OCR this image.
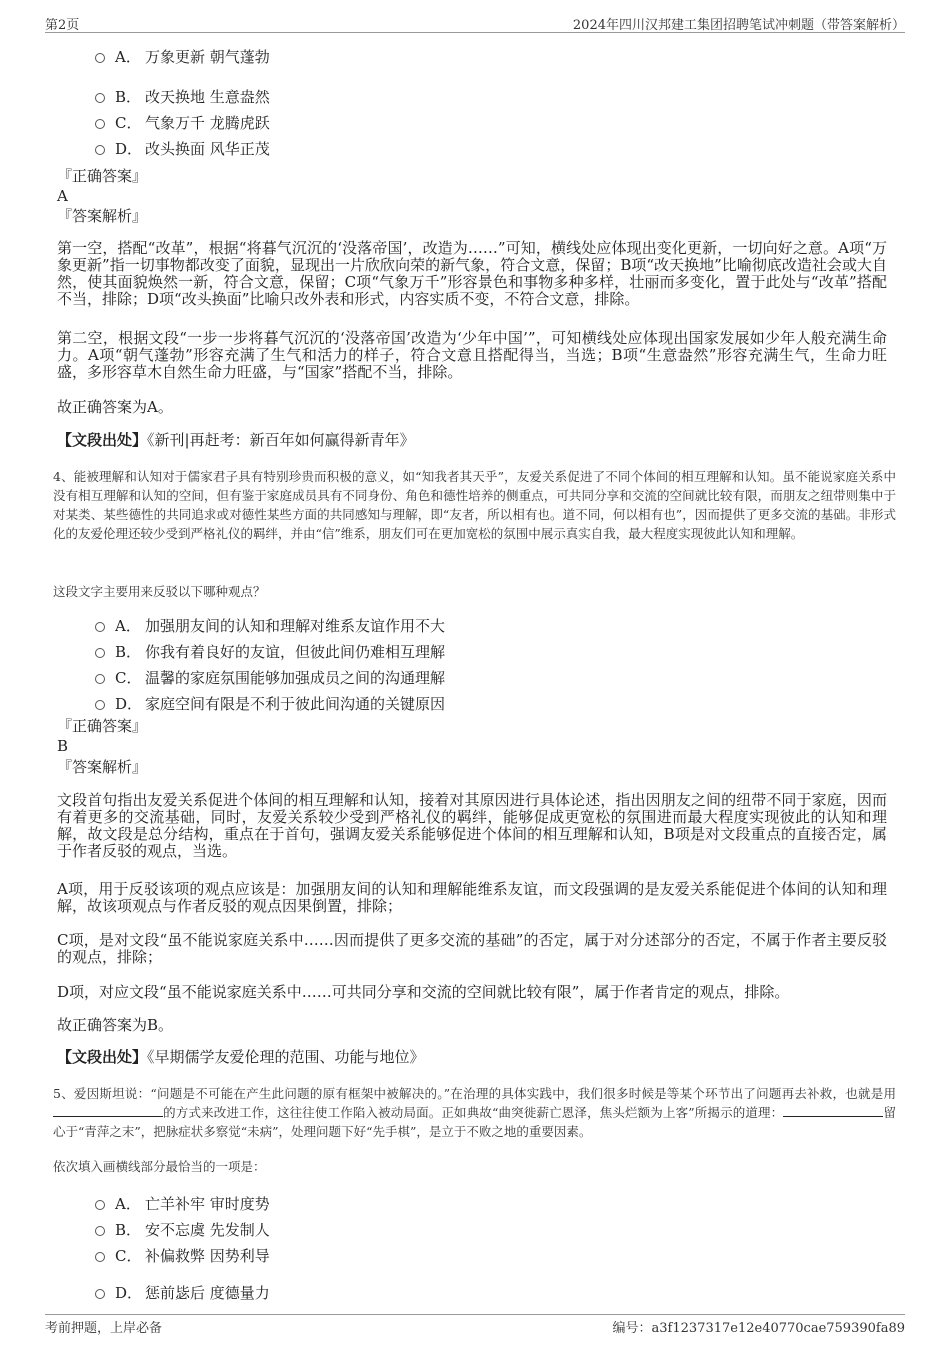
第2页	2024年四川汉邦建工集团招聘笔试冲刺题（带答案解析）
A． 万象更新 朝气蓬勃
B． 改天换地 生意盎然
C． 气象万千 龙腾虎跃
D． 改头换面 风华正茂
『正确答案』
A
『答案解析』
第一空，搭配“改革”，根据“将暮气沉沉的‘没落帝国’，改造为……”可知，横线处应体现出变化更新，一切向好之意。A项“万象更新”指一切事物都改变了面貌，显现出一片欣欣向荣的新气象，符合文意，保留；B项“改天换地”比喻彻底改造社会或大自然，使其面貌焕然一新，符合文意，保留；C项“气象万千”形容景色和事物多种多样，壮丽而多变化，置于此处与“改革”搭配不当，排除；D项“改头换面”比喻只改外表和形式，内容实质不变，不符合文意，排除。
第二空，根据文段“一步一步将暮气沉沉的‘没落帝国’改造为‘少年中国’”，可知横线处应体现出国家发展如少年人般充满生命力。A项“朝气蓬勃”形容充满了生气和活力的样子，符合文意且搭配得当，当选；B项“生意盎然”形容充满生气，生命力旺盛，多形容草木自然生命力旺盛，与“国家”搭配不当，排除。
故正确答案为A。
【文段出处】《新刊|再赶考：新百年如何赢得新青年》
4、能被理解和认知对于儒家君子具有特别珍贵而积极的意义，如“知我者其天乎”，友爱关系促进了不同个体间的相互理解和认知。虽不能说家庭关系中没有相互理解和认知的空间，但有鉴于家庭成员具有不同身份、角色和德性培养的侧重点，可共同分享和交流的空间就比较有限，而朋友之纽带则集中于对某类、某些德性的共同追求或对德性某些方面的共同感知与理解，即“友者，所以相有也。道不同，何以相有也”，因而提供了更多交流的基础。非形式化的友爱伦理还较少受到严格礼仪的羁绊，并由“信”维系，朋友们可在更加宽松的氛围中展示真实自我，最大程度实现彼此认知和理解。
这段文字主要用来反驳以下哪种观点？
A． 加强朋友间的认知和理解对维系友谊作用不大
B． 你我有着良好的友谊，但彼此间仍难相互理解
C． 温馨的家庭氛围能够加强成员之间的沟通理解
D． 家庭空间有限是不利于彼此间沟通的关键原因
『正确答案』
B
『答案解析』
文段首句指出友爱关系促进个体间的相互理解和认知，接着对其原因进行具体论述，指出因朋友之间的纽带不同于家庭，因而有着更多的交流基础，同时，友爱关系较少受到严格礼仪的羁绊，能够促成更宽松的氛围进而最大程度实现彼此的认知和理解，故文段是总分结构，重点在于首句，强调友爱关系能够促进个体间的相互理解和认知，B项是对文段重点的直接否定，属于作者反驳的观点，当选。
A项，用于反驳该项的观点应该是：加强朋友间的认知和理解能维系友谊，而文段强调的是友爱关系能促进个体间的认知和理解，故该项观点与作者反驳的观点因果倒置，排除；
C项，是对文段“虽不能说家庭关系中……因而提供了更多交流的基础”的否定，属于对分述部分的否定，不属于作者主要反驳的观点，排除；
D项，对应文段“虽不能说家庭关系中……可共同分享和交流的空间就比较有限”，属于作者肯定的观点，排除。
故正确答案为B。
【文段出处】《早期儒学友爱伦理的范围、功能与地位》
5、爱因斯坦说：“问题是不可能在产生此问题的原有框架中被解决的。”在治理的具体实践中，我们很多时候是等某个环节出了问题再去补救，也就是用的方式来改进工作，这往往使工作陷入被动局面。正如典故“曲突徙薪亡恩泽，焦头烂额为上客”所揭示的道理：	留心于“青萍之末”，把脉症状多察觉“未病”，处理问题下好“先手棋”，是立于不败之地的重要因素。
依次填入画横线部分最恰当的一项是：
A． 亡羊补牢 审时度势
B． 安不忘虞 先发制人
C． 补偏救弊 因势利导
D． 惩前毖后 度德量力
考前押题，上岸必备	编号：a3f1237317e12e40770cae759390fa89
